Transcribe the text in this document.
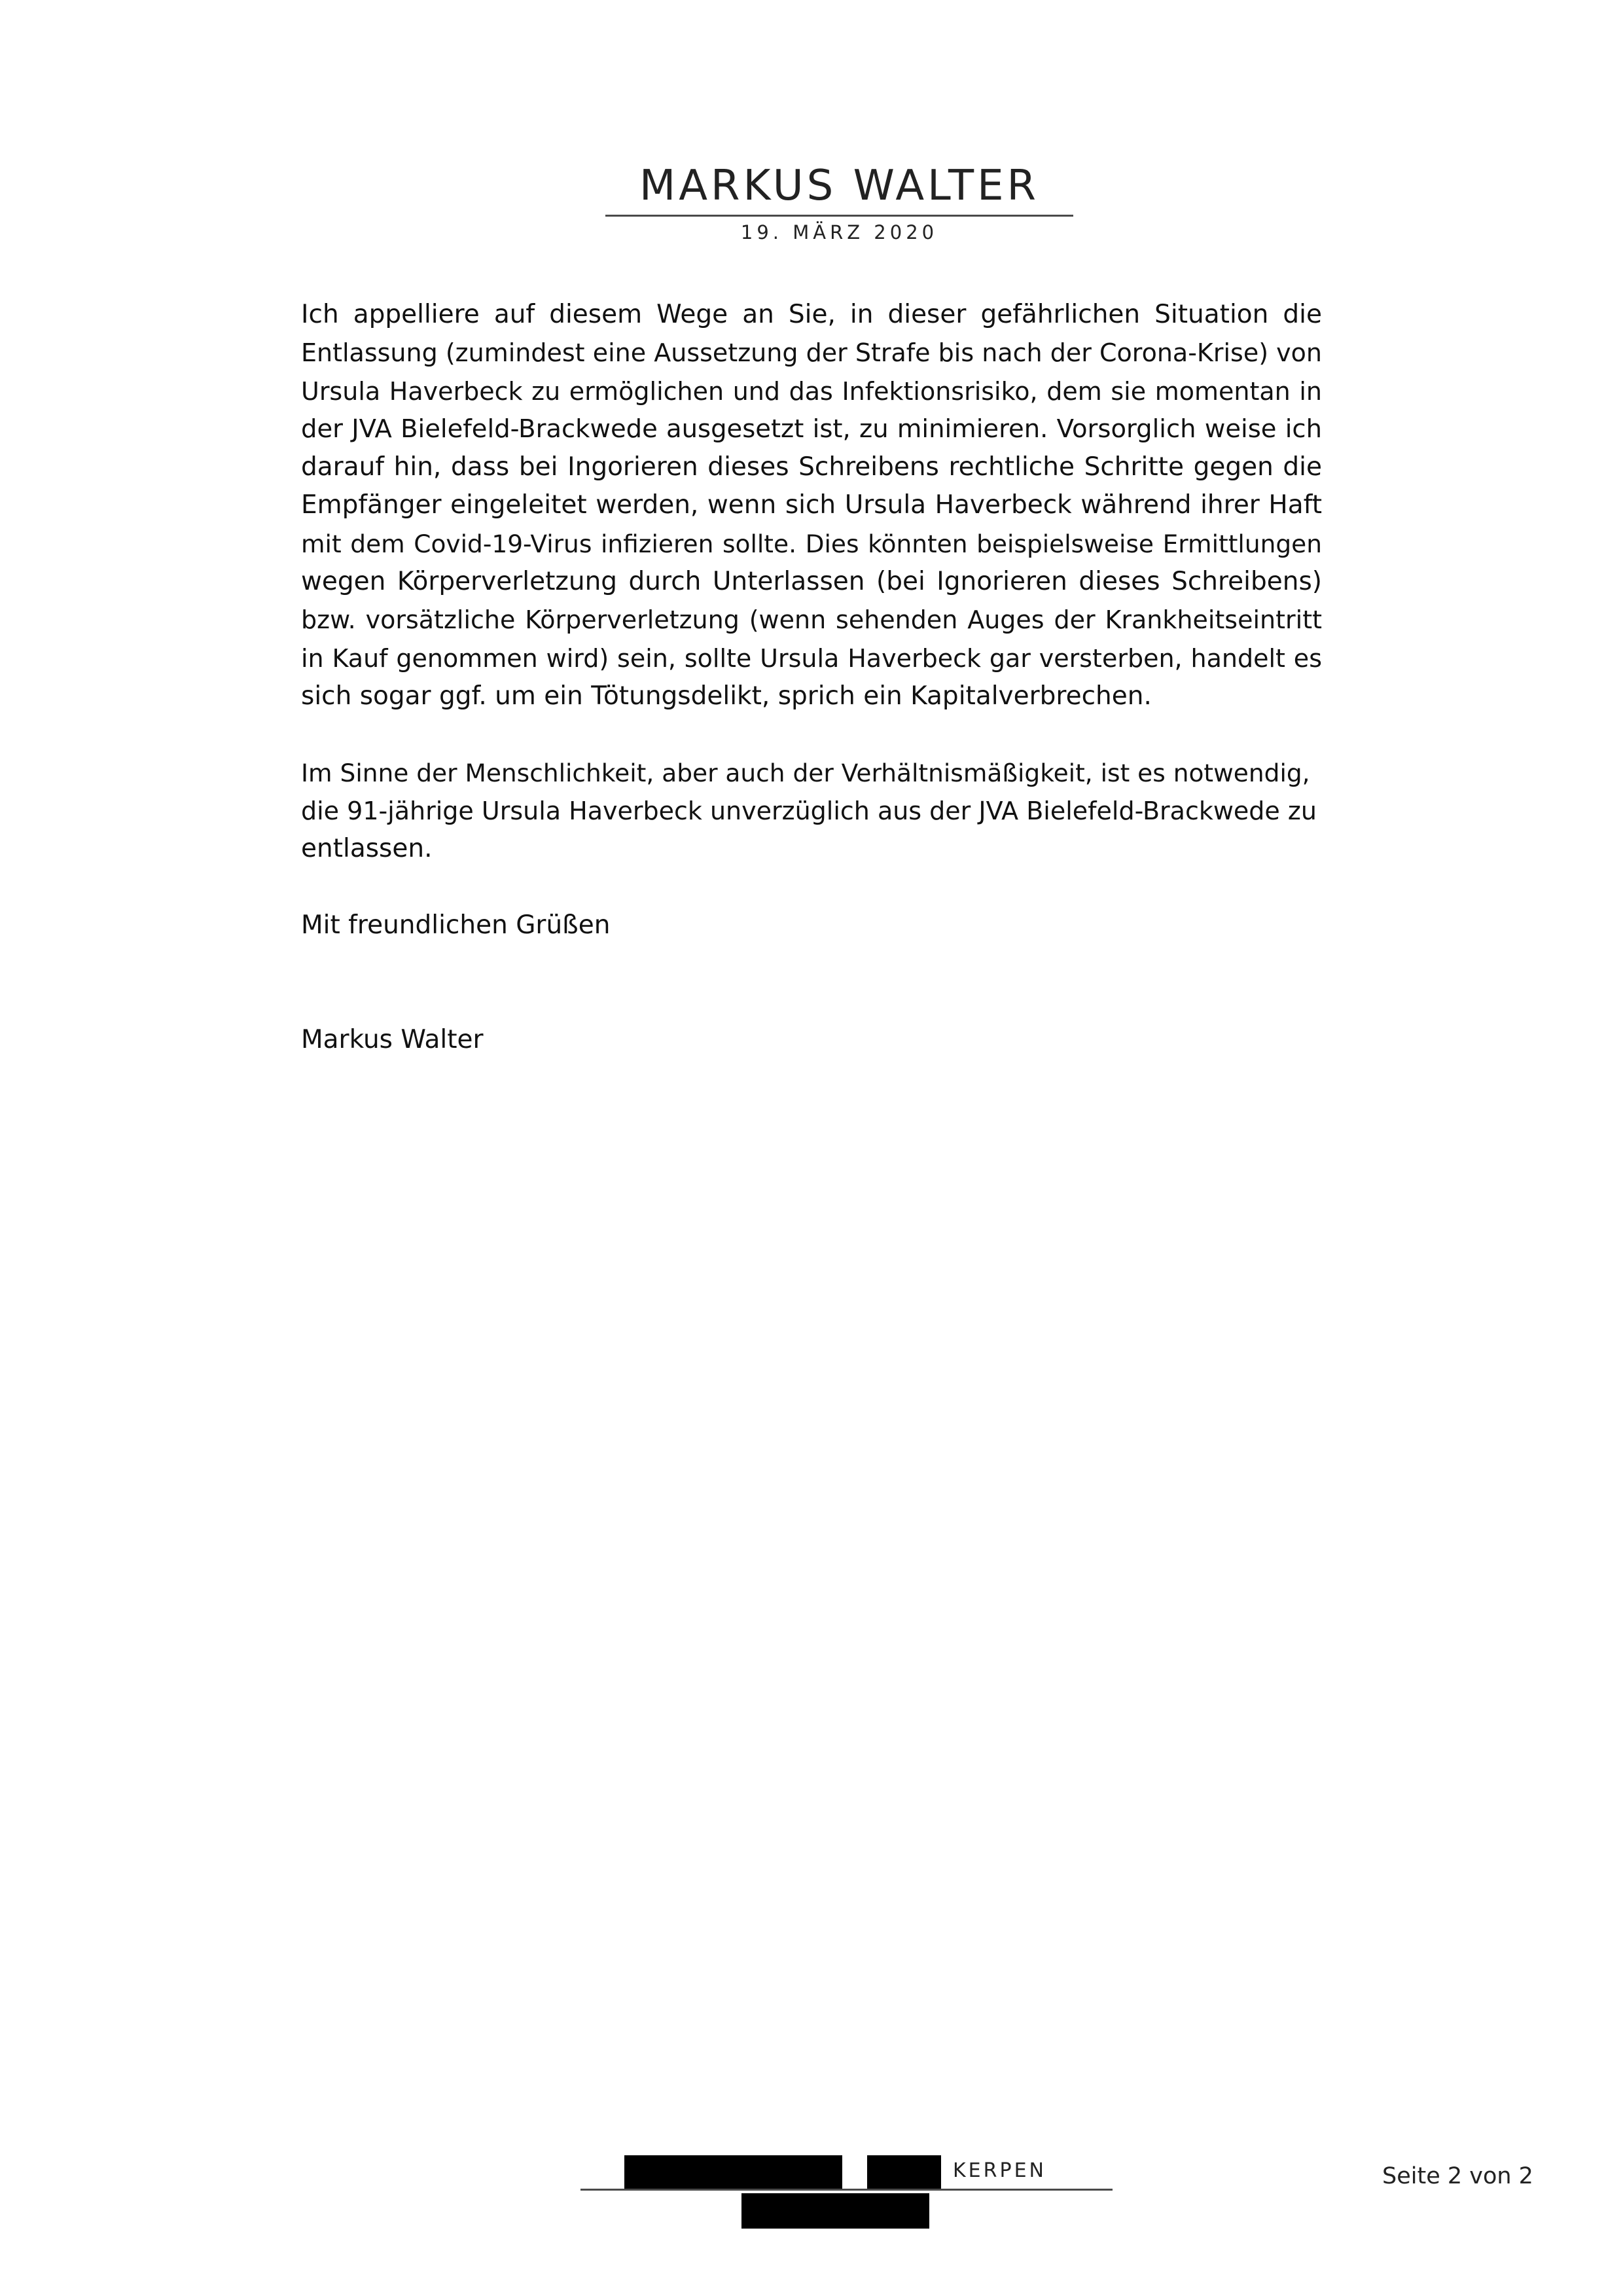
MARKUS WALTER
19. MÄRZ 2020

Ich appelliere auf diesem Wege an Sie, in dieser gefährlichen Situation die
Entlassung (zumindest eine Aussetzung der Strafe bis nach der Corona-Krise) von
Ursula Haverbeck zu ermöglichen und das Infektionsrisiko, dem sie momentan in
der JVA Bielefeld-Brackwede ausgesetzt ist, zu minimieren. Vorsorglich weise ich
darauf hin, dass bei Ingorieren dieses Schreibens rechtliche Schritte gegen die
Empfänger eingeleitet werden, wenn sich Ursula Haverbeck während ihrer Haft
mit dem Covid-19-Virus infizieren sollte. Dies könnten beispielsweise Ermittlungen
wegen Körperverletzung durch Unterlassen (bei Ignorieren dieses Schreibens)
bzw. vorsätzliche Körperverletzung (wenn sehenden Auges der Krankheitseintritt
in Kauf genommen wird) sein, sollte Ursula Haverbeck gar versterben, handelt es
sich sogar ggf. um ein Tötungsdelikt, sprich ein Kapitalverbrechen.

Im Sinne der Menschlichkeit, aber auch der Verhältnismäßigkeit, ist es notwendig,
die 91-jährige Ursula Haverbeck unverzüglich aus der JVA Bielefeld-Brackwede zu
entlassen.

Mit freundlichen Grüßen

Markus Walter

KERPEN	Seite 2 von 2
